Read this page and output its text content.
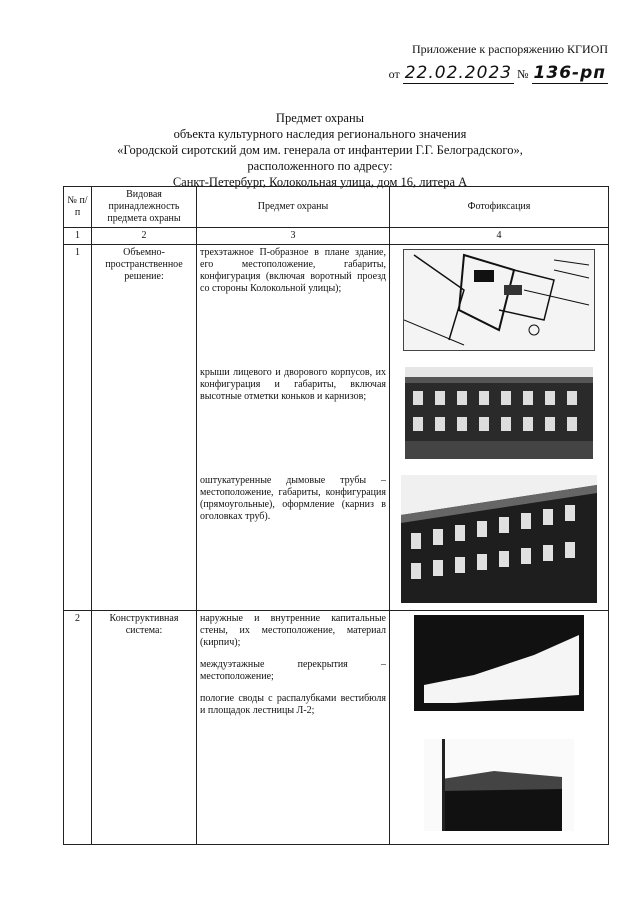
Приложение к распоряжению КГИОП
от 22.02.2023 № 136-рп
Предмет охраны
объекта культурного наследия регионального значения
«Городской сиротский дом им. генерала от инфантерии Г.Г. Белоградского»,
расположенного по адресу:
Санкт-Петербург, Колокольная улица, дом 16, литера А
№ п/п	Видовая принадлежность предмета охраны	Предмет охраны	Фотофиксация
1	2	3	4
1	Объемно-пространственное решение:	трехэтажное П-образное в плане здание, его местоположение, габариты, конфигурация (включая воротный проезд со стороны Колокольной улицы);
крыши лицевого и дворового корпусов, их конфигурация и габариты, включая высотные отметки коньков и карнизов;
оштукатуренные дымовые трубы – местоположение, габариты, конфигурация (прямоугольные), оформление (карниз в оголовках труб).

2	Конструктивная система:	наружные и внутренние капитальные стены, их местоположение, материал (кирпич);
междуэтажные перекрытия – местоположение;
пологие своды с распалубками вестибюля и площадок лестницы Л-2;
